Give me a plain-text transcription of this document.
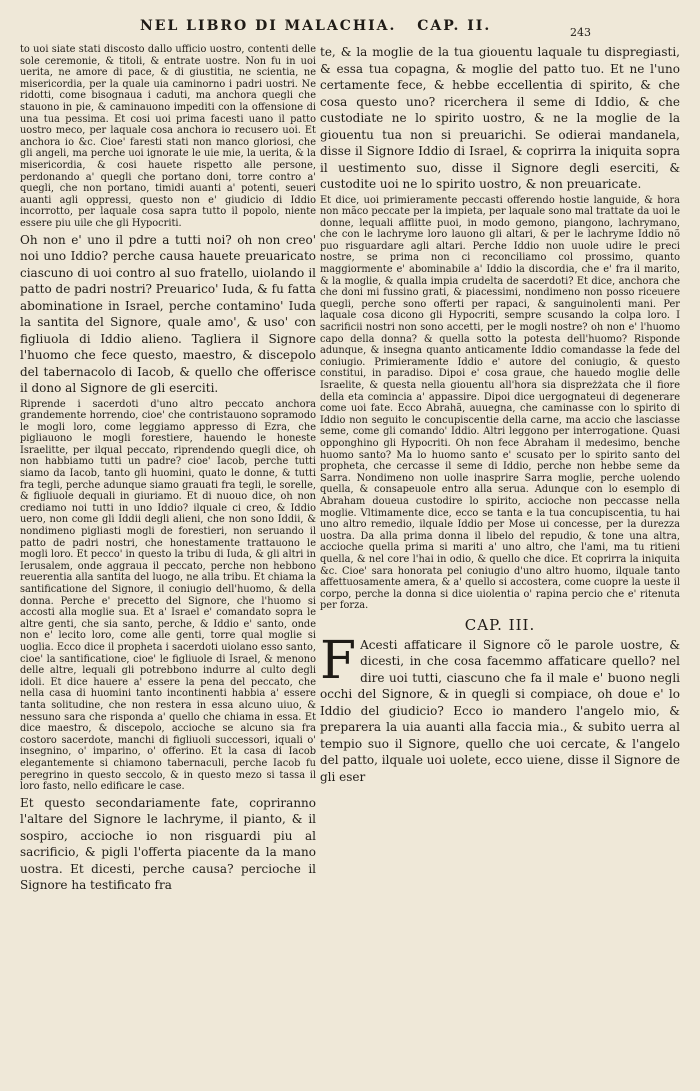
NEL LIBRO DI MALACHIA. CAP. II.	243

to uoi siate stati discosto dallo ufficio uostro, contenti delle sole ceremonie, & titoli, & entrate uostre. Non fu in uoi uerita, ne amore di pace, & di giustitia, ne scientia, ne misericordia, per la quale uia caminorno i padri uostri. Ne ridotti, come bisognaua i caduti, ma anchora quegli che stauono in pie, & caminauono impediti con la offensione di una tua pessima. Et cosi uoi prima facesti uano il patto uostro meco, per laquale cosa anchora io recusero uoi. Et anchora io &c. Cioe' faresti stati non manco gloriosi, che gli angeli, ma perche uoi ignorate le uie mie, la uerita, & la misericordia, & cosi hauete rispetto alle persone, perdonando a' quegli che portano doni, torre contro a' quegli, che non portano, timidi auanti a' potenti, seueri auanti agli oppressi, questo non e' giudicio di Iddio incorrotto, per laquale cosa sapra tutto il popolo, niente essere piu uile che gli Hypocriti.

Oh non e' uno il pdre a tutti noi? oh non creo' noi uno Iddio? perche causa hauete preuaricato ciascuno di uoi contro al suo fratello, uiolando il patto de padri nostri? Preuarico' Iuda, & fu fatta abominatione in Israel, perche contamino' Iuda la santita del Signore, quale amo', & uso' con figliuola di Iddio alieno. Tagliera il Signore l'huomo che fece questo, maestro, & discepolo del tabernacolo di Iacob, & quello che offerisce il dono al Signore de gli eserciti.

Riprende i sacerdoti d'uno altro peccato anchora grandemente horrendo, cioe' che contristauono sopramodo le mogli loro, come leggiamo appresso di Ezra, che pigliauono le mogli forestiere, hauendo le honeste Israelitte, per ilqual peccato, riprendendo quegli dice, oh non habbiamo tutti un padre? cioe' Iacob, perche tutti siamo da Iacob, tanto gli huomini, quato le donne, & tutti fra tegli, perche adunque siamo grauati fra tegli, le sorelle, & figliuole dequali in giuriamo. Et di nuouo dice, oh non crediamo noi tutti in uno Iddio? ilquale ci creo, & Iddio uero, non come gli Iddii degli alieni, che non sono Iddii, & nondimeno pigliasti mogli de forestieri, non seruando il patto de padri nostri, che honestamente trattauono le mogli loro. Et pecco' in questo la tribu di Iuda, & gli altri in Ierusalem, onde aggraua il peccato, perche non hebbono reuerentia alla santita del luogo, ne alla tribu. Et chiama la santificatione del Signore, il coniugio dell'huomo, & della donna. Perche e' precetto del Signore, che l'huomo si accosti alla moglie sua. Et a' Israel e' comandato sopra le altre genti, che sia santo, perche, & Iddio e' santo, onde non e' lecito loro, come alle genti, torre qual moglie si uoglia. Ecco dice il propheta i sacerdoti uiolano esso santo, cioe' la santificatione, cioe' le figliuole di Israel, & menono delle altre, lequali gli potrebbono indurre al culto degli idoli. Et dice hauere a' essere la pena del peccato, che nella casa di huomini tanto incontinenti habbia a' essere tanta solitudine, che non restera in essa alcuno uiuo, & nessuno sara che risponda a' quello che chiama in essa. Et dice maestro, & discepolo, accioche se alcuno sia fra costoro sacerdote, manchi di figliuoli successori, iquali o' insegnino, o' imparino, o' offerino. Et la casa di Iacob elegantemente si chiamono tabernaculi, perche Iacob fu peregrino in questo seccolo, & in questo mezo si tassa il loro fasto, nello edificare le case.

Et questo secondariamente fate, copriranno l'altare del Signore le lachryme, il pianto, & il sospiro, accioche io non risguardi piu al sacrificio, & pigli l'offerta piacente da la mano uostra. Et dicesti, perche causa? percioche il Signore ha testificato fra

te, & la moglie de la tua giouentu laquale tu dispregiasti, & essa tua copagna, & moglie del patto tuo. Et ne l'uno certamente fece, & hebbe eccellentia di spirito, & che cosa questo uno? ricerchera il seme di Iddio, & che custodiate ne lo spirito uostro, & ne la moglie de la giouentu tua non si preuarichi. Se odierai mandanela, disse il Signore Iddio di Israel, & coprirra la iniquita sopra il uestimento suo, disse il Signore degli eserciti, & custodite uoi ne lo spirito uostro, & non preuaricate.

Et dice, uoi primieramente peccasti offerendo hostie languide, & hora non mãco peccate per la impieta, per laquale sono mal trattate da uoi le donne, lequali afflitte puoi, in modo gemono, piangono, lachrymano, che con le lachryme loro lauono gli altari, & per le lachryme Iddio nõ puo risguardare agli altari. Perche Iddio non uuole udire le preci nostre, se prima non ci reconciliamo col prossimo, quanto maggiormente e' abominabile a' Iddio la discordia, che e' fra il marito, & la moglie, & qualla impia crudelta de sacerdoti? Et dice, anchora che che doni mi fussino grati, & piacessimi, nondimeno non posso riceuere quegli, perche sono offerti per rapaci, & sanguinolenti mani. Per laquale cosa dicono gli Hypocriti, sempre scusando la colpa loro. I sacrificii nostri non sono accetti, per le mogli nostre? oh non e' l'huomo capo della donna? & quella sotto la potesta dell'huomo? Risponde adunque, & insegna quanto anticamente Iddio comandasse la fede del coniugio. Primieramente Iddio e' autore del coniugio, & questo constitui, in paradiso. Dipoi e' cosa graue, che hauedo moglie delle Israelite, & questa nella giouentu all'hora sia dispreżżata che il fiore della eta comincia a' appassire. Dipoi dice uergognateui di degenerare come uoi fate. Ecco Abrahã, auuegna, che caminasse con lo spirito di Iddio non seguito le concupiscentie della carne, ma accio che lasciasse seme, come gli comando' Iddio. Altri leggono per interrogatione. Quasi opponghino gli Hypocriti. Oh non fece Abraham il medesimo, benche huomo santo? Ma lo huomo santo e' scusato per lo spirito santo del propheta, che cercasse il seme di Iddio, perche non hebbe seme da Sarra. Nondimeno non uolle inasprire Sarra moglie, perche uolendo quella, & consapeuole entro alla serua. Adunque con lo esemplo di Abraham doueua custodire lo spirito, accioche non peccasse nella moglie. Vltimamente dice, ecco se tanta e la tua concupiscentia, tu hai uno altro remedio, ilquale Iddio per Mose ui concesse, per la durezza uostra. Da alla prima donna il libelo del repudio, & tone una altra, accioche quella prima si mariti a' uno altro, che l'ami, ma tu ritieni quella, & nel core l'hai in odio, & quello che dice. Et coprirra la iniquita &c. Cioe' sara honorata pel coniugio d'uno altro huomo, ilquale tanto affettuosamente amera, & a' quello si accostera, come cuopre la ueste il corpo, perche la donna si dice uiolentia o' rapina percio che e' ritenuta per forza.

CAP. III.

F Acesti affaticare il Signore cõ le parole uostre, & dicesti, in che cosa facemmo affaticare quello? nel dire uoi tutti, ciascuno che fa il male e' buono negli occhi del Signore, & in quegli si compiace, oh doue e' lo Iddio del giudicio? Ecco io mandero l'angelo mio, & preparera la uia auanti alla faccia mia., & subito uerra al tempio suo il Signore, quello che uoi cercate, & l'angelo del patto, ilquale uoi uolete, ecco uiene, disse il Signore de gli eser
